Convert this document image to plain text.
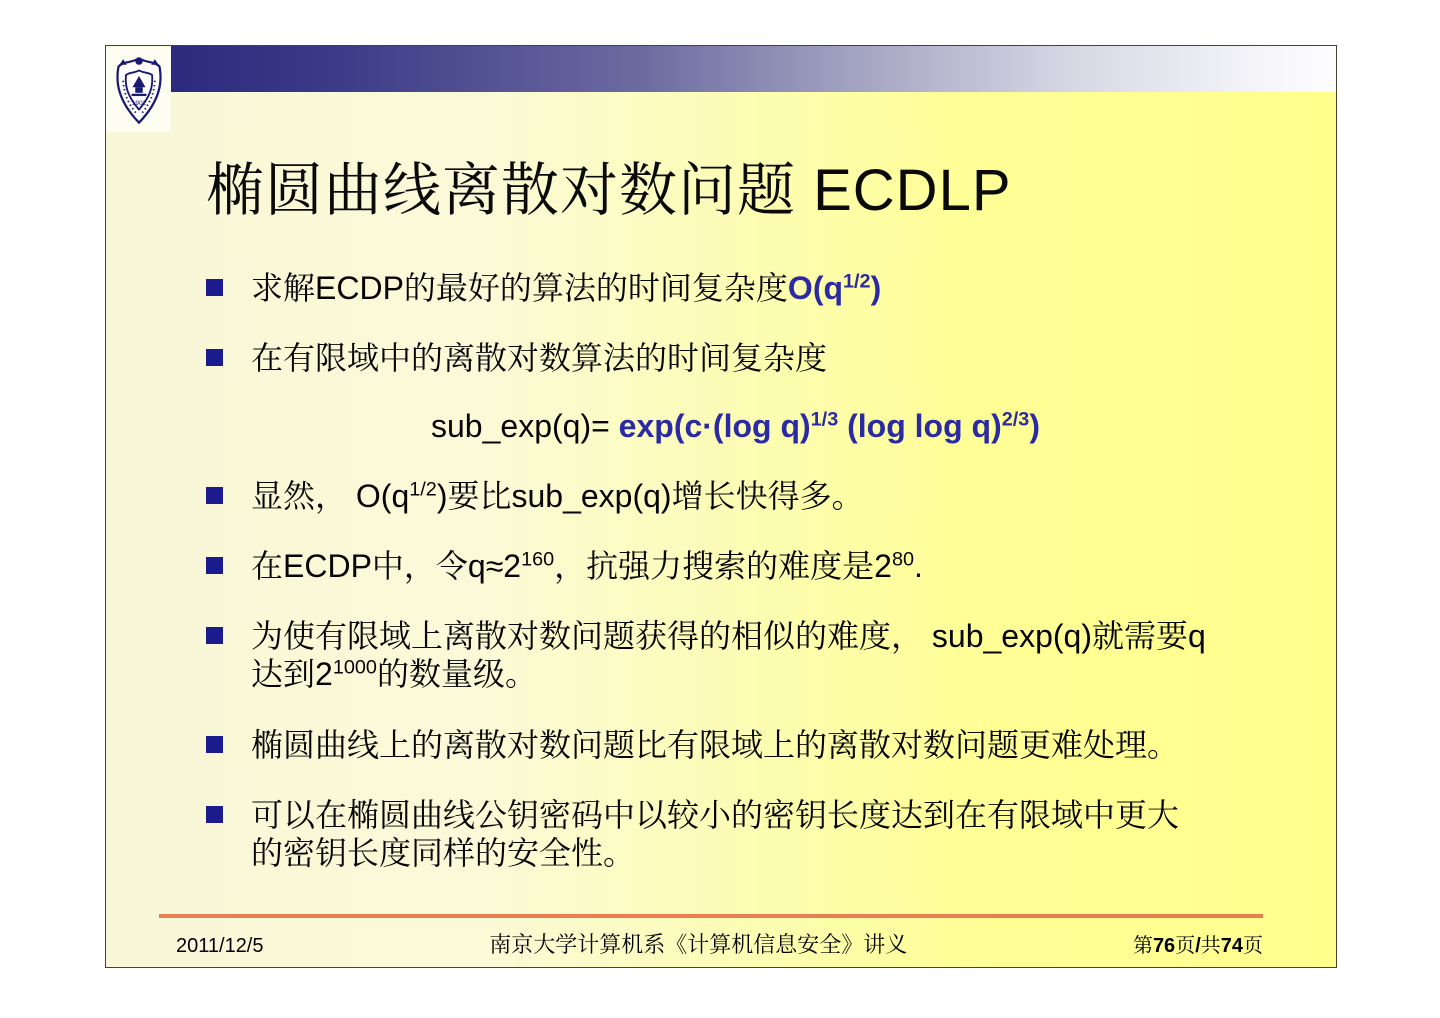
1902
椭圆曲线离散对数问题 ECDLP
求解ECDP的最好的算法的时间复杂度$O(q^{1/2})$
在有限域中的离散对数算法的时间复杂度
sub_exp(q)= exp(c·(log q)$^{1/3}$ (log log q)$^{2/3}$)
显然， $O(q^{1/2})$要比sub_exp(q)增长快得多。
在ECDP中，令$q\approx 2^{160}$，抗强力搜索的难度是$2^{80}$.
为使有限域上离散对数问题获得的相似的难度， sub_exp(q)就需要q达到$2^{1000}$的数量级。
椭圆曲线上的离散对数问题比有限域上的离散对数问题更难处理。
可以在椭圆曲线公钥密码中以较小的密钥长度达到在有限域中更大的密钥长度同样的安全性。
2011/12/5	南京大学计算机系《计算机信息安全》讲义	第76页/共74页
